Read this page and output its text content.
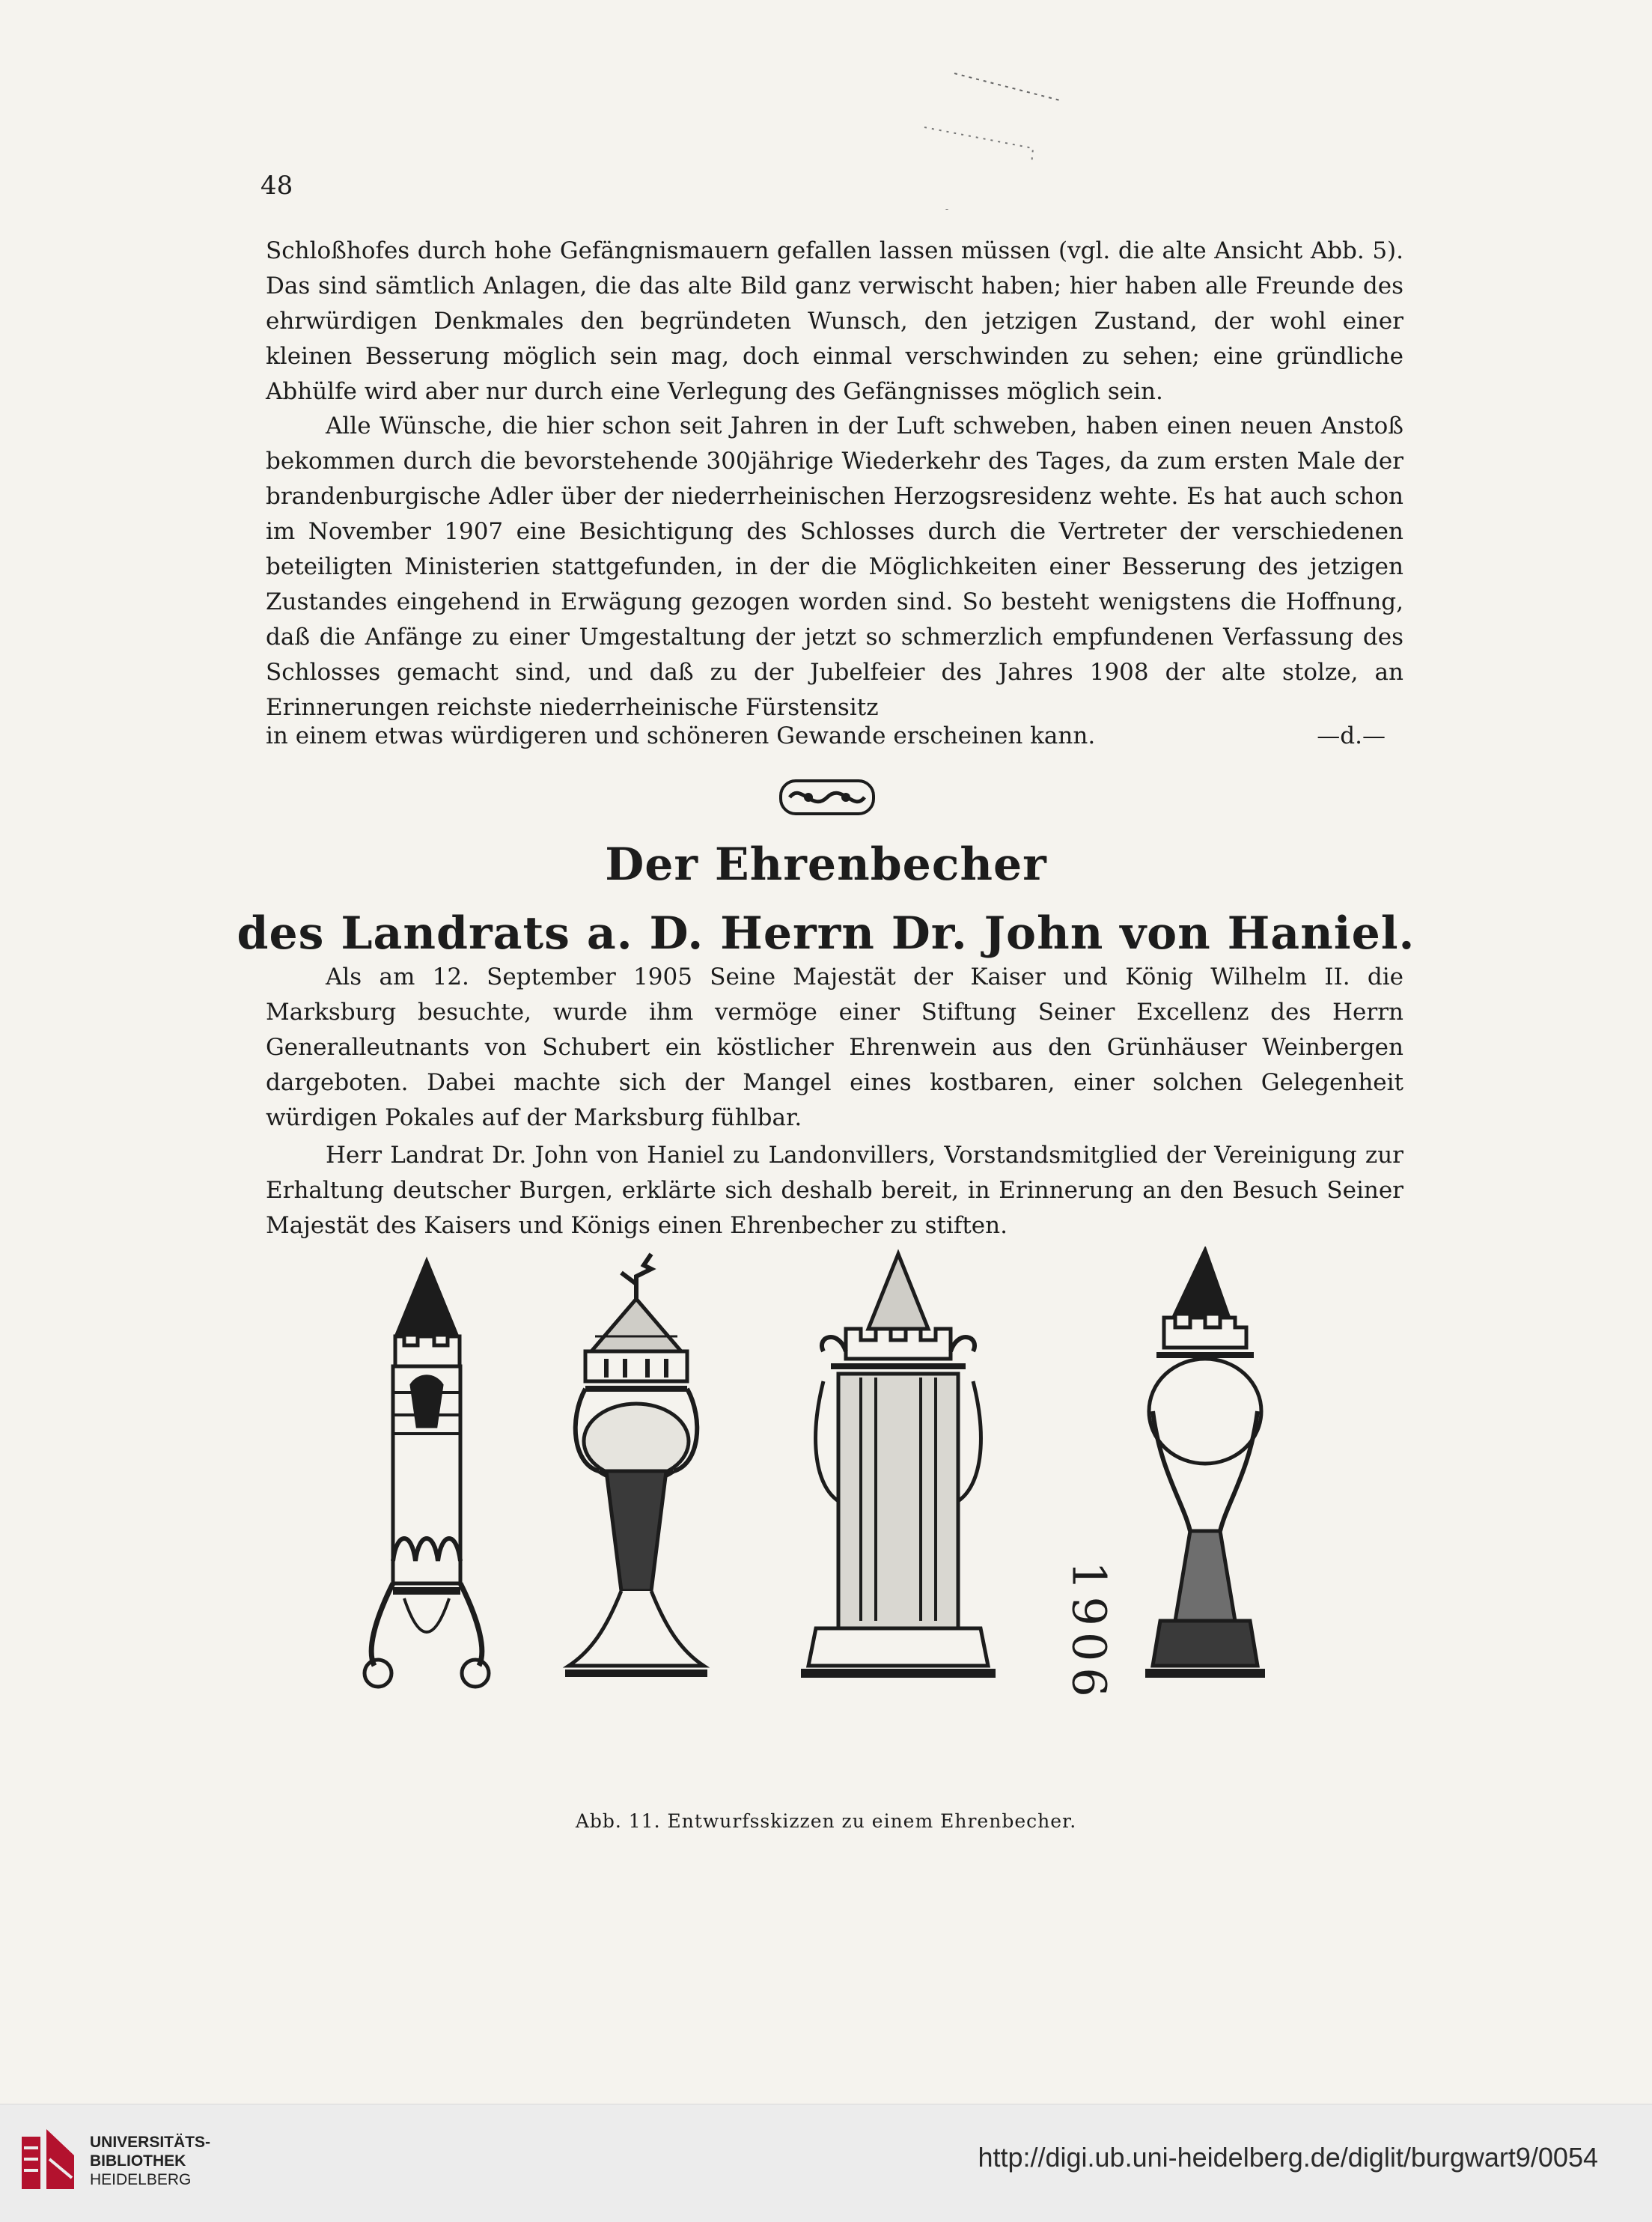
48

Schloßhofes durch hohe Gefängnismauern gefallen lassen müssen (vgl. die alte Ansicht Abb. 5). Das sind sämtlich Anlagen, die das alte Bild ganz verwischt haben; hier haben alle Freunde des ehrwürdigen Denkmales den begründeten Wunsch, den jetzigen Zustand, der wohl einer kleinen Besserung möglich sein mag, doch einmal verschwinden zu sehen; eine gründliche Abhülfe wird aber nur durch eine Verlegung des Gefängnisses möglich sein.

Alle Wünsche, die hier schon seit Jahren in der Luft schweben, haben einen neuen Anstoß bekommen durch die bevorstehende 300jährige Wiederkehr des Tages, da zum ersten Male der brandenburgische Adler über der niederrheinischen Herzogsresidenz wehte. Es hat auch schon im November 1907 eine Besichtigung des Schlosses durch die Vertreter der verschiedenen beteiligten Ministerien stattgefunden, in der die Möglichkeiten einer Besserung des jetzigen Zustandes eingehend in Erwägung gezogen worden sind. So besteht wenigstens die Hoffnung, daß die Anfänge zu einer Umgestaltung der jetzt so schmerzlich empfundenen Verfassung des Schlosses gemacht sind, und daß zu der Jubelfeier des Jahres 1908 der alte stolze, an Erinnerungen reichste niederrheinische Fürstensitz

in einem etwas würdigeren und schöneren Gewande erscheinen kann.	—d.—
Der Ehrenbecher
des Landrats a. D. Herrn Dr. John von Haniel.

Als am 12. September 1905 Seine Majestät der Kaiser und König Wilhelm II. die Marksburg besuchte, wurde ihm vermöge einer Stiftung Seiner Excellenz des Herrn Generalleutnants von Schubert ein köstlicher Ehrenwein aus den Grünhäuser Weinbergen dargeboten. Dabei machte sich der Mangel eines kostbaren, einer solchen Gelegenheit würdigen Pokales auf der Marksburg fühlbar.

Herr Landrat Dr. John von Haniel zu Landonvillers, Vorstandsmitglied der Vereinigung zur Erhaltung deutscher Burgen, erklärte sich deshalb bereit, in Erinnerung an den Besuch Seiner Majestät des Kaisers und Königs einen Ehrenbecher zu stiften.

1906
Abb. 11. Entwurfsskizzen zu einem Ehrenbecher.
UNIVERSITÄTS-
BIBLIOTHEK
HEIDELBERG
http://digi.ub.uni-heidelberg.de/diglit/burgwart9/0054
